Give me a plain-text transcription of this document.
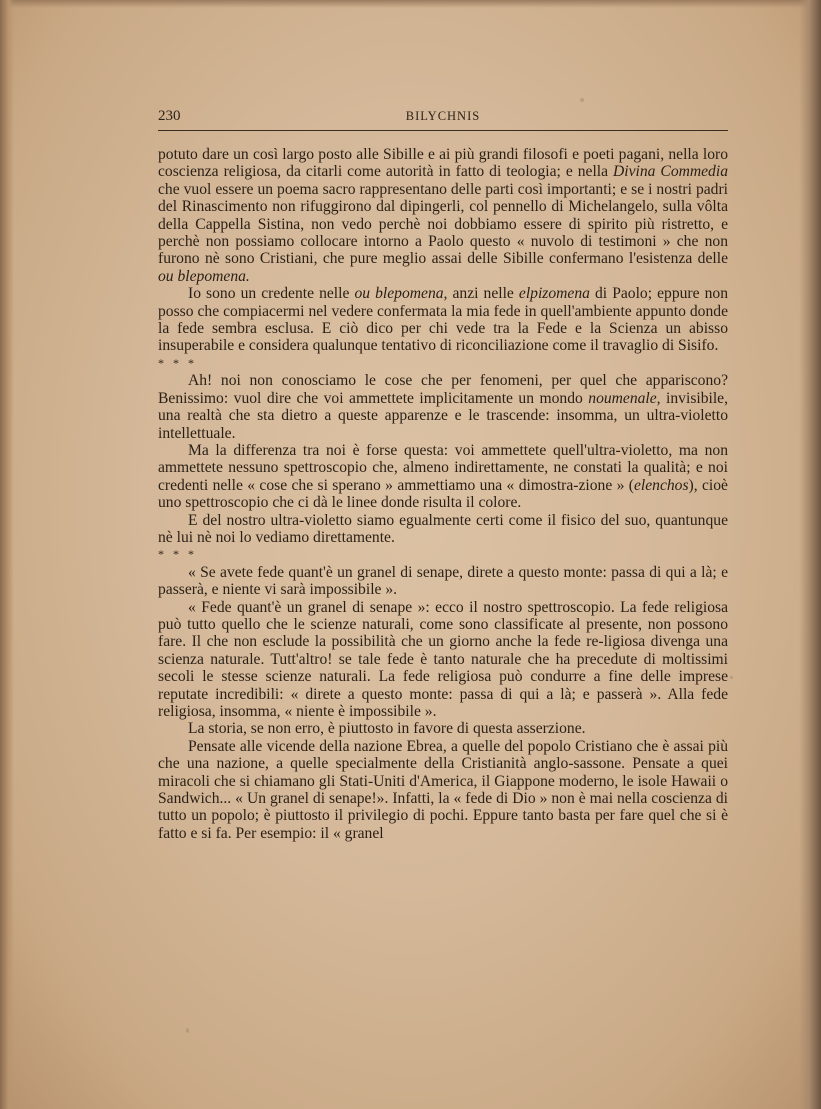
230	BILYCHNIS

potuto dare un così largo posto alle Sibille e ai più grandi filosofi e poeti pagani, nella loro coscienza religiosa, da citarli come autorità in fatto di teologia; e nella Divina Commedia che vuol essere un poema sacro rappresentano delle parti così importanti; e se i nostri padri del Rinascimento non rifuggirono dal dipingerli, col pennello di Michelangelo, sulla vôlta della Cappella Sistina, non vedo perchè noi dobbiamo essere di spirito più ristretto, e perchè non possiamo collocare intorno a Paolo questo « nuvolo di testimoni » che non furono nè sono Cristiani, che pure meglio assai delle Sibille confermano l'esistenza delle ou blepomena.

Io sono un credente nelle ou blepomena, anzi nelle elpizomena di Paolo; eppure non posso che compiacermi nel vedere confermata la mia fede in quell'ambiente appunto donde la fede sembra esclusa. E ciò dico per chi vede tra la Fede e la Scienza un abisso insuperabile e considera qualunque tentativo di riconciliazione come il travaglio di Sisifo.

* * *

Ah! noi non conosciamo le cose che per fenomeni, per quel che appariscono? Benissimo: vuol dire che voi ammettete implicitamente un mondo noumenale, invisibile, una realtà che sta dietro a queste apparenze e le trascende: insomma, un ultra-violetto intellettuale.

Ma la differenza tra noi è forse questa: voi ammettete quell'ultra-violetto, ma non ammettete nessuno spettroscopio che, almeno indirettamente, ne constati la qualità; e noi credenti nelle « cose che si sperano » ammettiamo una « dimostra-zione » (elenchos), cioè uno spettroscopio che ci dà le linee donde risulta il colore.

E del nostro ultra-violetto siamo egualmente certi come il fisico del suo, quantunque nè lui nè noi lo vediamo direttamente.

* * *

« Se avete fede quant'è un granel di senape, direte a questo monte: passa di qui a là; e passerà, e niente vi sarà impossibile ».

« Fede quant'è un granel di senape »: ecco il nostro spettroscopio. La fede religiosa può tutto quello che le scienze naturali, come sono classificate al presente, non possono fare. Il che non esclude la possibilità che un giorno anche la fede re-ligiosa divenga una scienza naturale. Tutt'altro! se tale fede è tanto naturale che ha precedute di moltissimi secoli le stesse scienze naturali. La fede religiosa può condurre a fine delle imprese reputate incredibili: « direte a questo monte: passa di qui a là; e passerà ». Alla fede religiosa, insomma, « niente è impossibile ».

La storia, se non erro, è piuttosto in favore di questa asserzione.

Pensate alle vicende della nazione Ebrea, a quelle del popolo Cristiano che è assai più che una nazione, a quelle specialmente della Cristianità anglo-sassone. Pensate a quei miracoli che si chiamano gli Stati-Uniti d'America, il Giappone moderno, le isole Hawaii o Sandwich... « Un granel di senape!». Infatti, la « fede di Dio » non è mai nella coscienza di tutto un popolo; è piuttosto il privilegio di pochi. Eppure tanto basta per fare quel che si è fatto e si fa. Per esempio: il « granel
